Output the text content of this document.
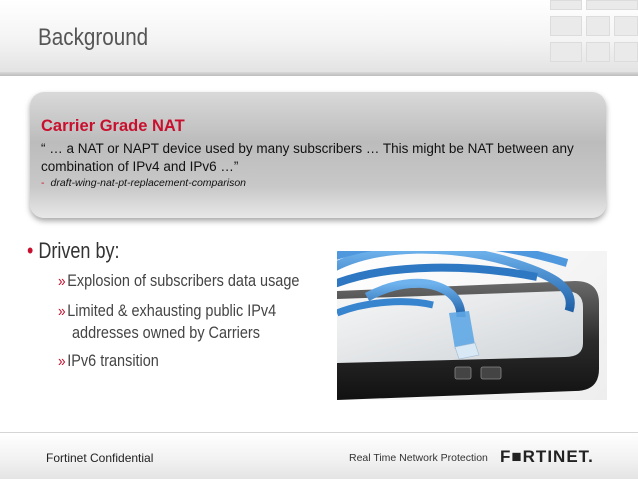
Background
Carrier Grade NAT
“ … a NAT or NAPT device used by many subscribers … This might be NAT between any combination of IPv4 and IPv6 …”
- draft-wing-nat-pt-replacement-comparison
• Driven by:
»Explosion of subscribers data usage
»Limited & exhausting public IPv4
addresses owned by Carriers
»IPv6 transition
Fortinet Confidential	Real Time Network Protection F■RTINET.
